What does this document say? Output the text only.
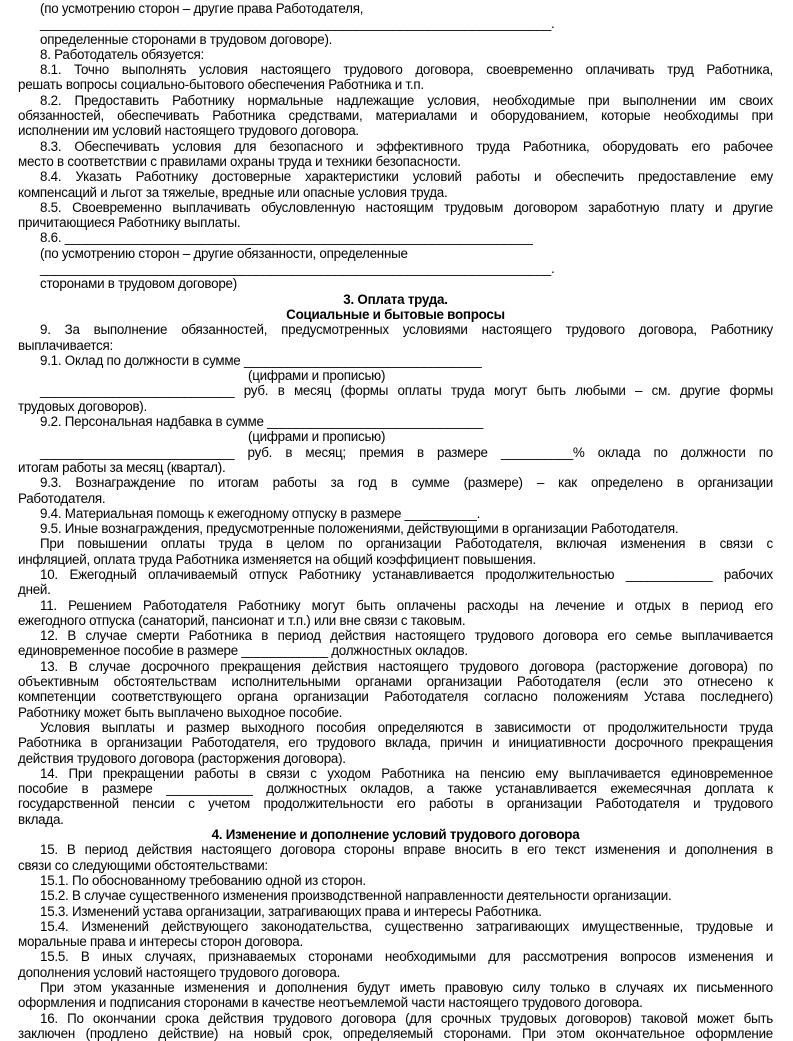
(по усмотрению сторон – другие права Работодателя,
_______________________________________________________________________.
определенные сторонами в трудовом договоре).
8. Работодатель обязуется:
8.1. Точно выполнять условия настоящего трудового договора, своевременно оплачивать труд Работника,
решать вопросы социально-бытового обеспечения Работника и т.п.
8.2. Предоставить Работнику нормальные надлежащие условия, необходимые при выполнении им своих
обязанностей, обеспечивать Работника средствами, материалами и оборудованием, которые необходимы при
исполнении им условий настоящего трудового договора.
8.3. Обеспечивать условия для безопасного и эффективного труда Работника, оборудовать его рабочее
место в соответствии с правилами охраны труда и техники безопасности.
8.4. Указать Работнику достоверные характеристики условий работы и обеспечить предоставление ему
компенсаций и льгот за тяжелые, вредные или опасные условия труда.
8.5. Своевременно выплачивать обусловленную настоящим трудовым договором заработную плату и другие
причитающиеся Работнику выплаты.
8.6. _________________________________________________________________
(по усмотрению сторон – другие обязанности, определенные
_______________________________________________________________________.
сторонами в трудовом договоре)
3. Оплата труда.
Социальные и бытовые вопросы
9. За выполнение обязанностей, предусмотренных условиями настоящего трудового договора, Работнику
выплачивается:
9.1. Оклад по должности в сумме _________________________________
(цифрами и прописью)
___________________________ руб. в месяц (формы оплаты труда могут быть любыми – см. другие формы
трудовых договоров).
9.2. Персональная надбавка в сумме ______________________________
(цифрами и прописью)
___________________________ руб. в месяц; премия в размере __________% оклада по должности по
итогам работы за месяц (квартал).
9.3. Вознаграждение по итогам работы за год в сумме (размере) – как определено в организации
Работодателя.
9.4. Материальная помощь к ежегодному отпуску в размере __________.
9.5. Иные вознаграждения, предусмотренные положениями, действующими в организации Работодателя.
При повышении оплаты труда в целом по организации Работодателя, включая изменения в связи с
инфляцией, оплата труда Работника изменяется на общий коэффициент повышения.
10. Ежегодный оплачиваемый отпуск Работнику устанавливается продолжительностью ____________ рабочих
дней.
11. Решением Работодателя Работнику могут быть оплачены расходы на лечение и отдых в период его
ежегодного отпуска (санаторий, пансионат и т.п.) или вне связи с таковым.
12. В случае смерти Работника в период действия настоящего трудового договора его семье выплачивается
единовременное пособие в размере ____________ должностных окладов.
13. В случае досрочного прекращения действия настоящего трудового договора (расторжение договора) по
объективным обстоятельствам исполнительными органами организации Работодателя (если это отнесено к
компетенции соответствующего органа организации Работодателя согласно положениям Устава последнего)
Работнику может быть выплачено выходное пособие.
Условия выплаты и размер выходного пособия определяются в зависимости от продолжительности труда
Работника в организации Работодателя, его трудового вклада, причин и инициативности досрочного прекращения
действия трудового договора (расторжения договора).
14. При прекращении работы в связи с уходом Работника на пенсию ему выплачивается единовременное
пособие в размере ____________ должностных окладов, а также устанавливается ежемесячная доплата к
государственной пенсии с учетом продолжительности его работы в организации Работодателя и трудового
вклада.
4. Изменение и дополнение условий трудового договора
15. В период действия настоящего договора стороны вправе вносить в его текст изменения и дополнения в
связи со следующими обстоятельствами:
15.1. По обоснованному требованию одной из сторон.
15.2. В случае существенного изменения производственной направленности деятельности организации.
15.3. Изменений устава организации, затрагивающих права и интересы Работника.
15.4. Изменений действующего законодательства, существенно затрагивающих имущественные, трудовые и
моральные права и интересы сторон договора.
15.5. В иных случаях, признаваемых сторонами необходимыми для рассмотрения вопросов изменения и
дополнения условий настоящего трудового договора.
При этом указанные изменения и дополнения будут иметь правовую силу только в случаях их письменного
оформления и подписания сторонами в качестве неотъемлемой части настоящего трудового договора.
16. По окончании срока действия трудового договора (для срочных трудовых договоров) таковой может быть
заключен (продлено действие) на новый срок, определяемый сторонами. При этом окончательное оформление
